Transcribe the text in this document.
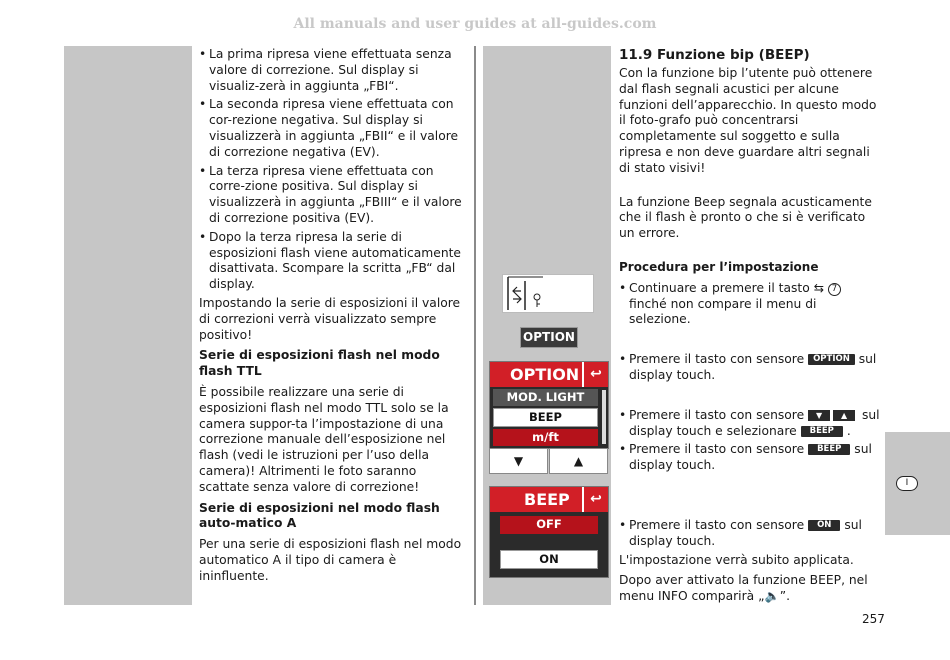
All manuals and user guides at all-guides.com
• La prima ripresa viene effettuata senza valore di correzione. Sul display si visualiz-zerà in aggiunta „FBI“.
• La seconda ripresa viene effettuata con cor-rezione negativa. Sul display si visualizzerà in aggiunta „FBII“ e il valore di correzione negativa (EV).
• La terza ripresa viene effettuata con corre-zione positiva. Sul display si visualizzerà in aggiunta „FBIII“ e il valore di correzione positiva (EV).
• Dopo la terza ripresa la serie di esposizioni flash viene automaticamente disattivata. Scompare la scritta „FB“ dal display.

Impostando la serie di esposizioni il valore di correzioni verrà visualizzato sempre positivo!

Serie di esposizioni flash nel modo flash TTL

È possibile realizzare una serie di esposizioni flash nel modo TTL solo se la camera suppor-ta l’impostazione di una correzione manuale dell’esposizione nel flash (vedi le istruzioni per l’uso della camera)! Altrimenti le foto saranno scattate senza valore di correzione!

Serie di esposizioni nel modo flash auto-matico A

Per una serie di esposizioni flash nel modo automatico A il tipo di camera è ininfluente.

OPTION
OPTION ↩
MOD. LIGHT
BEEP
m/ft
▼	▲
BEEP	↩
OFF
ON
11.9 Funzione bip (BEEP)

Con la funzione bip l’utente può ottenere dal flash segnali acustici per alcune funzioni dell’apparecchio. In questo modo il foto-grafo può concentrarsi completamente sul soggetto e sulla ripresa e non deve guardare altri segnali di stato visivi!

La funzione Beep segnala acusticamente che il flash è pronto o che si è verificato un errore.

Procedura per l’impostazione

• Continuare a premere il tasto ⇆ 7 finché non compare il menu di selezione.
• Premere il tasto con sensore OPTION sul display touch.
• Premere il tasto con sensore ▼ ▲ sul display touch e selezionare BEEP .
• Premere il tasto con sensore BEEP sul display touch.
• Premere il tasto con sensore ON sul display touch.

L'impostazione verrà subito applicata.

Dopo aver attivato la funzione BEEP, nel menu INFO comparirà „🔈”.

I
257
